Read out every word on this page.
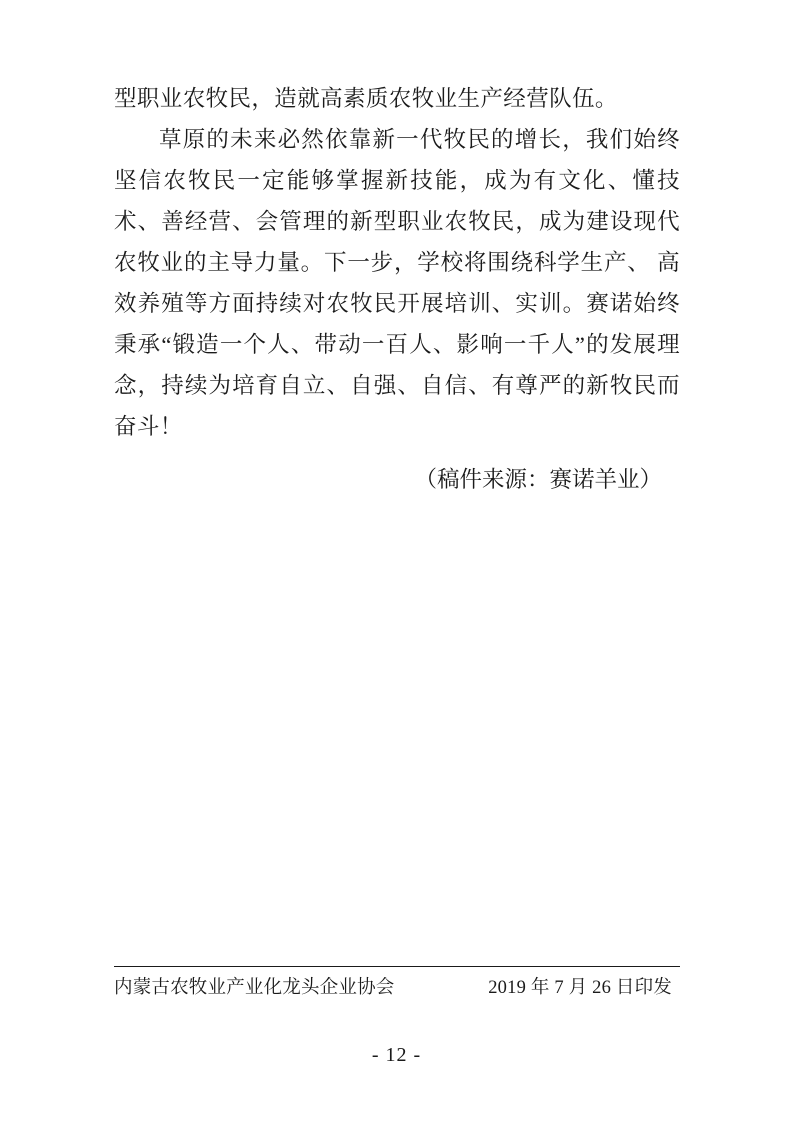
型职业农牧民，造就高素质农牧业生产经营队伍。

草原的未来必然依靠新一代牧民的增长，我们始终坚信农牧民一定能够掌握新技能，成为有文化、懂技术、善经营、会管理的新型职业农牧民，成为建设现代农牧业的主导力量。下一步，学校将围绕科学生产、 高效养殖等方面持续对农牧民开展培训、实训。赛诺始终秉承“锻造一个人、带动一百人、影响一千人”的发展理念，持续为培育自立、自强、自信、有尊严的新牧民而奋斗！

（稿件来源：赛诺羊业）

内蒙古农牧业产业化龙头企业协会	2019 年 7 月 26 日印发
- 12 -
